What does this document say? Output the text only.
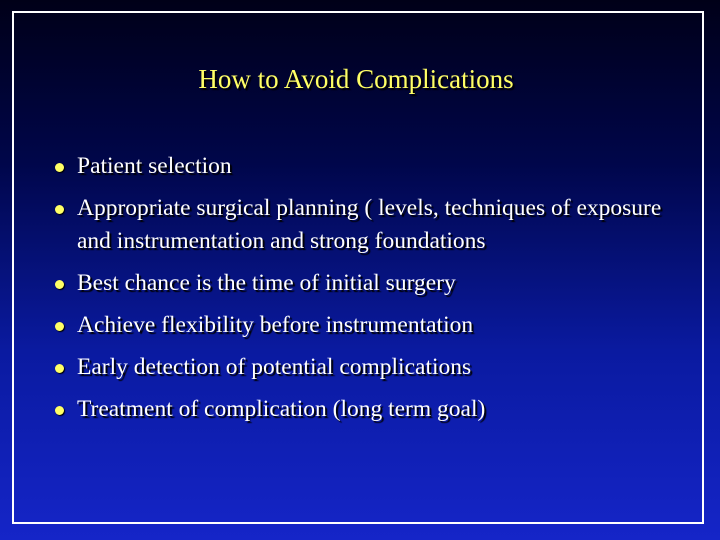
How to Avoid Complications
Patient selection
Appropriate surgical planning ( levels, techniques of exposure and instrumentation and strong foundations
Best chance is the time of initial surgery
Achieve flexibility before instrumentation
Early detection of potential complications
Treatment of complication (long term goal)
